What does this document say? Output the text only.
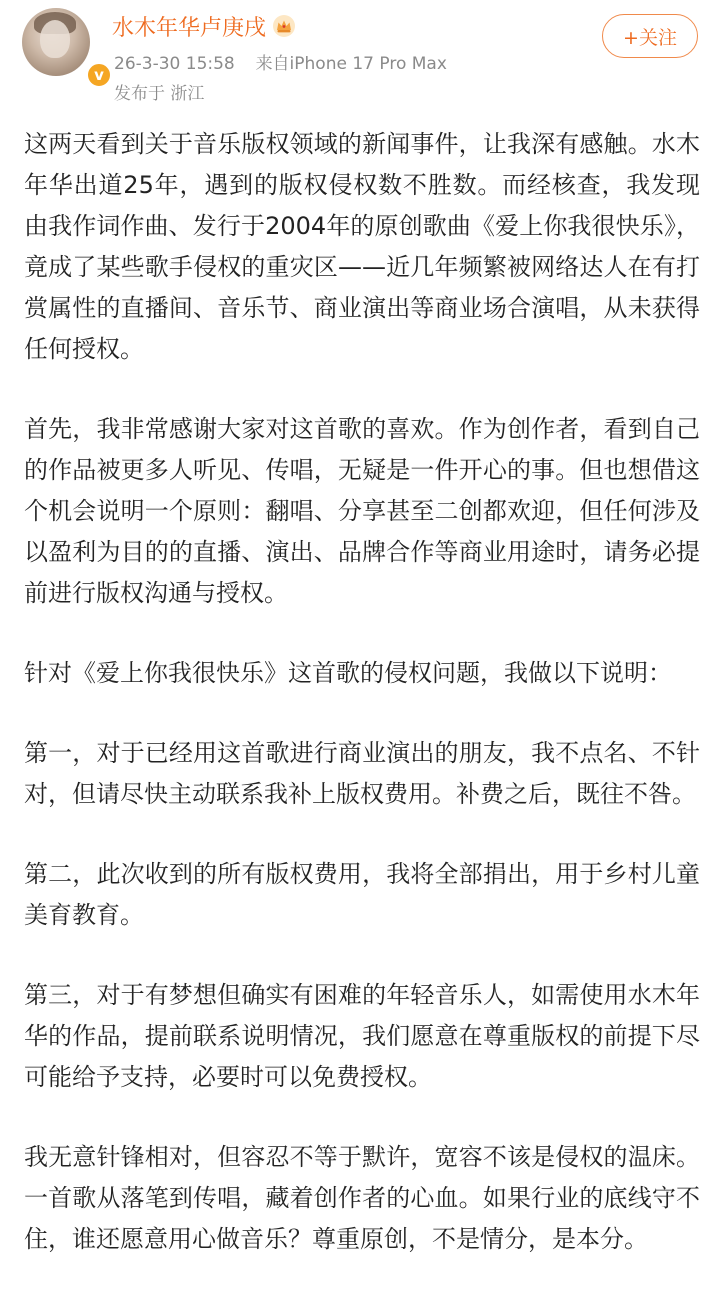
v
水木年华卢庚戌
26-3-30 15:58 来自iPhone 17 Pro Max
发布于 浙江
+关注

这两天看到关于音乐版权领域的新闻事件，让我深有感触。水木年华出道25年，遇到的版权侵权数不胜数。而经核查，我发现由我作词作曲、发行于2004年的原创歌曲《爱上你我很快乐》，竟成了某些歌手侵权的重灾区——近几年频繁被网络达人在有打赏属性的直播间、音乐节、商业演出等商业场合演唱，从未获得任何授权。

首先，我非常感谢大家对这首歌的喜欢。作为创作者，看到自己的作品被更多人听见、传唱，无疑是一件开心的事。但也想借这个机会说明一个原则：翻唱、分享甚至二创都欢迎，但任何涉及以盈利为目的的直播、演出、品牌合作等商业用途时，请务必提前进行版权沟通与授权。

针对《爱上你我很快乐》这首歌的侵权问题，我做以下说明：

第一，对于已经用这首歌进行商业演出的朋友，我不点名、不针对，但请尽快主动联系我补上版权费用。补费之后，既往不咎。

第二，此次收到的所有版权费用，我将全部捐出，用于乡村儿童美育教育。

第三，对于有梦想但确实有困难的年轻音乐人，如需使用水木年华的作品，提前联系说明情况，我们愿意在尊重版权的前提下尽可能给予支持，必要时可以免费授权。

我无意针锋相对，但容忍不等于默许，宽容不该是侵权的温床。一首歌从落笔到传唱，藏着创作者的心血。如果行业的底线守不住，谁还愿意用心做音乐？尊重原创，不是情分，是本分。
